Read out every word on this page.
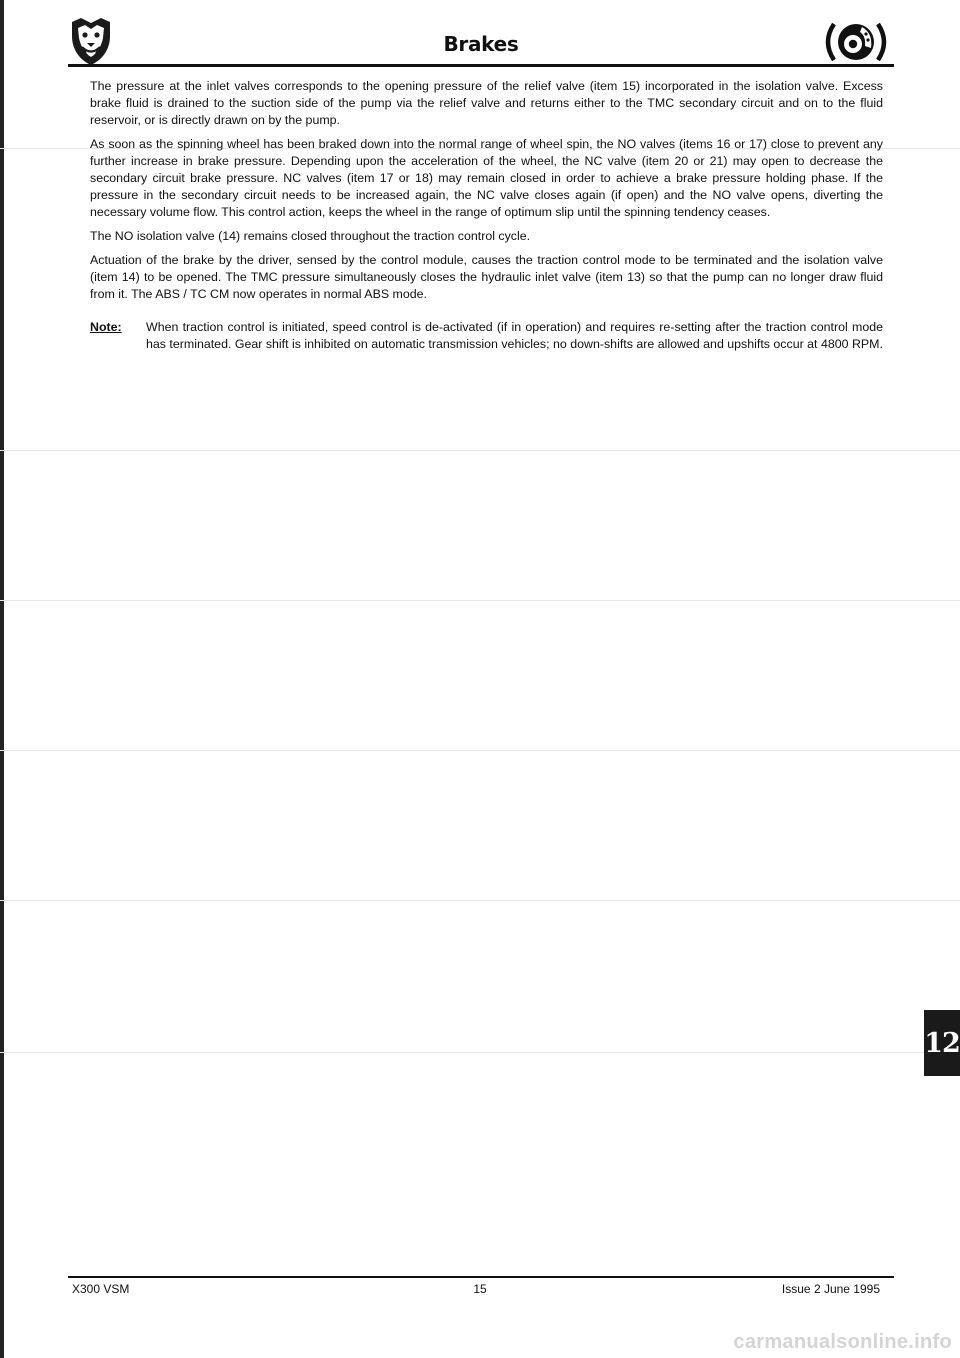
Brakes

The pressure at the inlet valves corresponds to the opening pressure of the relief valve (item 15) incorporated in the isolation valve. Excess brake fluid is drained to the suction side of the pump via the relief valve and returns either to the TMC secondary circuit and on to the fluid reservoir, or is directly drawn on by the pump.

As soon as the spinning wheel has been braked down into the normal range of wheel spin, the NO valves (items 16 or 17) close to prevent any further increase in brake pressure. Depending upon the acceleration of the wheel, the NC valve (item 20 or 21) may open to decrease the secondary circuit brake pressure. NC valves (item 17 or 18) may remain closed in order to achieve a brake pressure holding phase. If the pressure in the secondary circuit needs to be increased again, the NC valve closes again (if open) and the NO valve opens, diverting the necessary volume flow. This control action, keeps the wheel in the range of optimum slip until the spinning tendency ceases.

The NO isolation valve (14) remains closed throughout the traction control cycle.

Actuation of the brake by the driver, sensed by the control module, causes the traction control mode to be terminated and the isolation valve (item 14) to be opened. The TMC pressure simultaneously closes the hydraulic inlet valve (item 13) so that the pump can no longer draw fluid from it. The ABS / TC CM now operates in normal ABS mode.

Note:	When traction control is initiated, speed control is de-activated (if in operation) and requires re-setting after the traction control mode has terminated. Gear shift is inhibited on automatic transmission vehicles; no down-shifts are allowed and upshifts occur at 4800 RPM.
12
X300 VSM	15	Issue 2 June 1995
carmanualsonline.info
